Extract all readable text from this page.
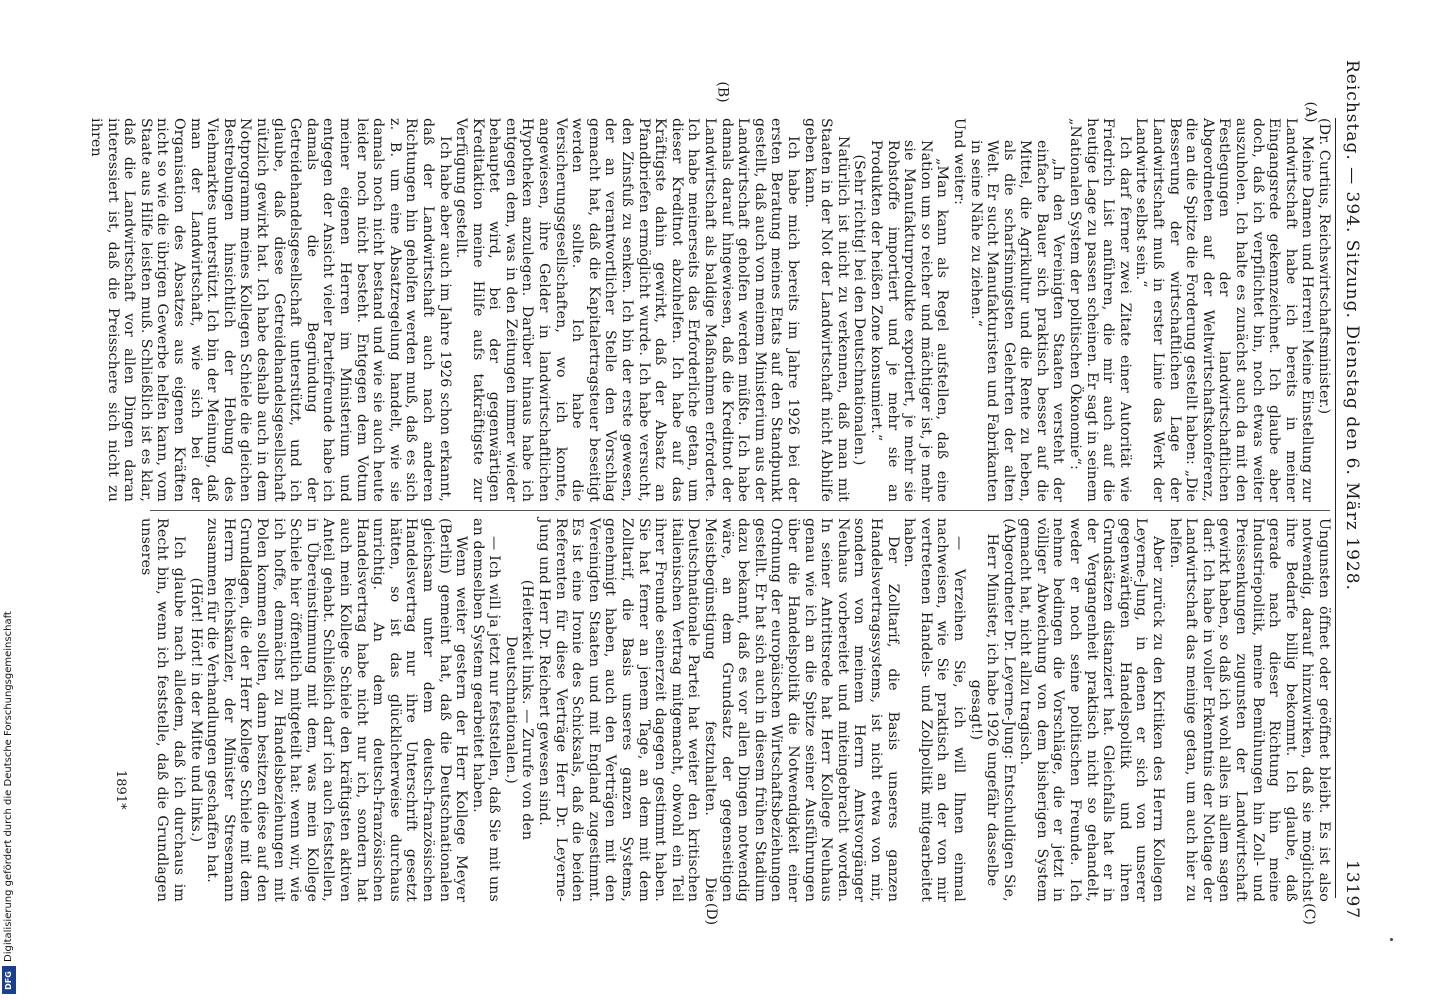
Reichstag. — 394. Sitzung. Dienstag den 6. März 1928.
13197

(Dr. Curtius, Reichswirtschaftsminister.)

Meine Damen und Herren! Meine Einstellung zur Landwirtschaft habe ich bereits in meiner Eingangsrede gekennzeichnet. Ich glaube aber doch, daß ich verpflichtet bin, noch etwas weiter auszuholen. Ich halte es zunächst auch da mit den Festlegungen der landwirtschaftlichen Abgeordneten auf der Weltwirtschaftskonferenz, die an die Spitze die Forderung gestellt haben: „Die Besserung der wirtschaftlichen Lage der Landwirtschaft muß in erster Linie das Werk der Landwirte selbst sein.“

Ich darf ferner zwei Zitate einer Autorität wie Friedrich List anführen, die mir auch auf die heutige Lage zu passen scheinen. Er sagt in seinem „Nationalen System der politischen Ökonomie“:

„In den Vereinigten Staaten versteht der einfache Bauer sich praktisch besser auf die Mittel, die Agrikultur und die Rente zu heben, als die scharfsinnigsten Gelehrten der alten Welt. Er sucht Manufakturisten und Fabrikanten in seine Nähe zu ziehen.“

Und weiter:

„Man kann als Regel aufstellen, daß eine Nation um so reicher und mächtiger ist, je mehr sie Manufakturprodukte exportiert, je mehr sie Rohstoffe importiert und je mehr sie an Produkten der heißen Zone konsumiert.“

(Sehr richtig! bei den Deutschnationalen.)

Natürlich ist nicht zu verkennen, daß man mit Staaten in der Not der Landwirtschaft nicht Abhilfe geben kann.

Ich habe mich bereits im Jahre 1926 bei der ersten Beratung meines Etats auf den Standpunkt gestellt, daß auch von meinem Ministerium aus der Landwirtschaft geholfen werden müßte. Ich habe damals darauf hingewiesen, daß die Kreditnot der Landwirtschaft als baldige Maßnahmen erforderte. Ich habe meinerseits das Erforderliche getan, um dieser Kreditnot abzuhelfen. Ich habe auf das Kräftigste dahin gewirkt, daß der Absatz an Pfandbriefen ermöglicht wurde. Ich habe versucht, den Zinsfuß zu senken. Ich bin der erste gewesen, der an verantwortlicher Stelle den Vorschlag gemacht hat, daß die Kapitalertragsteuer beseitigt werden sollte. Ich habe die Versicherungsgesellschaften, wo ich konnte, angewiesen, ihre Gelder in landwirtschaftlichen Hypotheken anzulegen. Darüber hinaus habe ich entgegen dem, was in den Zeitungen immer wieder behauptet wird, bei der gegenwärtigen Kreditaktion meine Hilfe aufs tatkräftigste zur Verfügung gestellt.

Ich habe aber auch im Jahre 1926 schon erkannt, daß der Landwirtschaft auch nach anderen Richtungen hin geholfen werden muß, daß es sich z. B. um eine Absatzregelung handelt, wie sie damals noch nicht bestand und wie sie auch heute leider noch nicht besteht. Entgegen dem Votum meiner eigenen Herren im Ministerium und entgegen der Ansicht vieler Parteifreunde habe ich damals die Begründung der Getreidehandelsgesellschaft unterstützt, und ich glaube, daß diese Getreidehandelsgesellschaft nützlich gewirkt hat. Ich habe deshalb auch in dem Notprogramm meines Kollegen Schiele die gleichen Bestrebungen hinsichtlich der Hebung des Viehmarktes unterstützt. Ich bin der Meinung, daß man der Landwirtschaft, wie sich bei der Organisation des Absatzes aus eigenen Kräften nicht so wie die übrigen Gewerbe helfen kann, vom Staate aus Hilfe leisten muß. Schließlich ist es klar, daß die Landwirtschaft vor allen Dingen daran interessiert ist, daß die Preisschere sich nicht zu ihren

Ungunsten öffnet oder geöffnet bleibt. Es ist also notwendig, darauf hinzuwirken, daß sie möglichst ihre Bedarfe billig bekommt. Ich glaube, daß gerade nach dieser Richtung hin meine Industriepolitik, meine Bemühungen hin Zoll- und Preissenkungen zugunsten der Landwirtschaft gewirkt haben, so daß ich wohl alles in allem sagen darf: Ich habe in voller Erkenntnis der Notlage der Landwirtschaft das meinige getan, um auch hier zu helfen.

Aber zurück zu den Kritiken des Herrn Kollegen Leyerne-Jung, in denen er sich von unserer gegenwärtigen Handelspolitik und ihren Grundsätzen distanziert hat. Gleichfalls hat er in der Vergangenheit praktisch nicht so gehandelt, weder er noch seine politischen Freunde. Ich nehme bedingen die Vorschläge, die er jetzt in völliger Abweichung von dem bisherigen System gemacht hat, nicht allzu tragisch.

(Abgeordneter Dr. Leyerne-Jung: Entschuldigen Sie, Herr Minister, ich habe 1926 ungefähr dasselbe gesagt!)

— Verzeihen Sie, ich will Ihnen einmal nachweisen, wie Sie praktisch an der von mir vertretenen Handels- und Zollpolitik mitgearbeitet haben.

Der Zolltarif, die Basis unseres ganzen Handelsvertragssystems, ist nicht etwa von mir, sondern von meinem Herrn Amtsvorgänger Neuhaus vorbereitet und miteingebracht worden. In seiner Antrittsrede hat Herr Kollege Neuhaus genau wie ich an die Spitze seiner Ausführungen über die Handelspolitik die Notwendigkeit einer Ordnung der europäischen Wirtschaftsbeziehungen gestellt. Er hat sich auch in diesem frühen Stadium dazu bekannt, daß es vor allen Dingen notwendig wäre, an dem Grundsatz der gegenseitigen Meistbegünstigung festzuhalten. Die Deutschnationale Partei hat weiter den kritischen italienischen Vertrag mitgemacht, obwohl ein Teil ihrer Freunde seinerzeit dagegen gestimmt haben. Sie hat ferner an jenem Tage, an dem mit dem Zolltarif, die Basis unseres ganzen Systems, genehmigt haben, auch den Verträgen mit den Vereinigten Staaten und mit England zugestimmt. Es ist eine Ironie des Schicksals, daß die beiden Referenten für diese Verträge Herr Dr. Leyerne-Jung und Herr Dr. Reichert gewesen sind.

(Heiterkeit links. — Zurufe von den Deutschnationalen.)

— Ich will ja jetzt nur feststellen, daß Sie mit uns an demselben System gearbeitet haben.

Wenn weiter gestern der Herr Kollege Meyer (Berlin) gemeint hat, daß die Deutschnationalen gleichsam unter dem deutsch-französischen Handelsvertrag nur ihre Unterschrift gesetzt hätten, so ist das glücklicherweise durchaus unrichtig. An dem deutsch-französischen Handelsvertrag habe nicht nur ich, sondern hat auch mein Kollege Schiele den kräftigsten aktiven Anteil gehabt. Schließlich darf ich auch feststellen, in Übereinstimmung mit dem, was mein Kollege Schiele hier öffentlich mitgeteilt hat: wenn wir, wie ich hoffe, demnächst zu Handelsbeziehungen mit Polen kommen sollten, dann besitzen diese auf den Grundlagen, die der Herr Kollege Schiele mit dem Herrn Reichskanzler, der Minister Stresemann zusammen für die Verhandlungen geschaffen hat.

(Hört! Hört! in der Mitte und links.)

Ich glaube nach alledem, daß ich durchaus im Recht bin, wenn ich feststelle, daß die Grundlagen unseres

(A)
(B)
(C)
(D)
1891*
Digitalisierung gefördert durch die Deutsche Forschungsgemeinschaft
DFG
